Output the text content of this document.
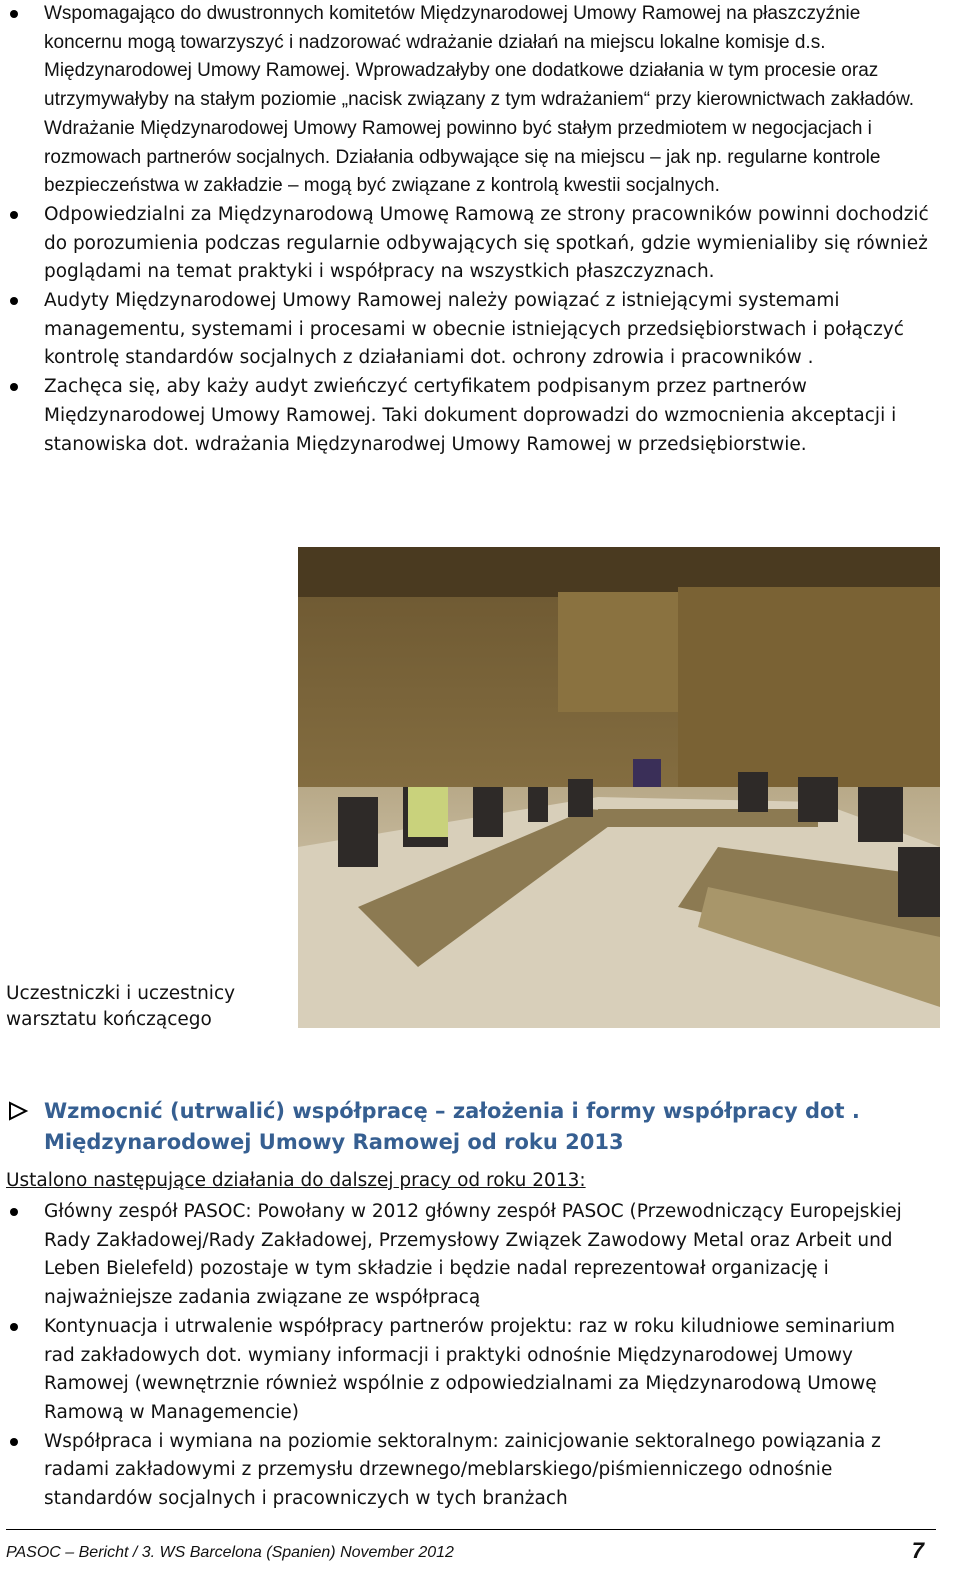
Wspomagająco do dwustronnych komitetów Międzynarodowej Umowy Ramowej na płaszczyźnie koncernu mogą towarzyszyć i nadzorować wdrażanie działań na miejscu lokalne komisje d.s. Międzynarodowej Umowy Ramowej. Wprowadzałyby one dodatkowe działania w tym procesie oraz utrzymywałyby na stałym poziomie „nacisk związany z tym wdrażaniem“ przy kierownictwach zakładów. Wdrażanie Międzynarodowej Umowy Ramowej powinno być stałym przedmiotem w negocjacjach i rozmowach partnerów socjalnych. Działania odbywające się na miejscu – jak np. regularne kontrole bezpieczeństwa w zakładzie – mogą być związane z kontrolą kwestii socjalnych.
Odpowiedzialni za Międzynarodową Umowę Ramową ze strony pracowników powinni dochodzić do porozumienia podczas regularnie odbywających się spotkań, gdzie wymienialiby się również poglądami na temat praktyki i współpracy na wszystkich płaszczyznach.
Audyty Międzynarodowej Umowy Ramowej należy powiązać z istniejącymi systemami managementu, systemami i procesami w obecnie istniejących przedsiębiorstwach i połączyć kontrolę standardów socjalnych z działaniami dot. ochrony zdrowia i pracowników .
Zachęca się, aby każy audyt zwieńczyć certyfikatem podpisanym przez partnerów Międzynarodowej Umowy Ramowej. Taki dokument doprowadzi do wzmocnienia akceptacji i stanowiska dot. wdrażania Międzynarodwej Umowy Ramowej w przedsiębiorstwie.
Uczestniczki i uczestnicy warsztatu kończącego
Wzmocnić (utrwalić) współpracę – założenia i formy współpracy dot . Międzynarodowej Umowy Ramowej od roku 2013
Ustalono następujące działania do dalszej pracy od roku 2013:
Główny zespół PASOC: Powołany w 2012 główny zespół PASOC (Przewodniczący Europejskiej Rady Zakładowej/Rady Zakładowej, Przemysłowy Związek Zawodowy Metal oraz Arbeit und Leben Bielefeld) pozostaje w tym składzie i będzie nadal reprezentował organizację i najważniejsze zadania związane ze współpracą
Kontynuacja i utrwalenie współpracy partnerów projektu: raz w roku kiludniowe seminarium rad zakładowych dot. wymiany informacji i praktyki odnośnie Międzynarodowej Umowy Ramowej (wewnętrznie również wspólnie z odpowiedzialnami za Międzynarodową Umowę Ramową w Managemencie)
Współpraca i wymiana na poziomie sektoralnym: zainicjowanie sektoralnego powiązania z radami zakładowymi z przemysłu drzewnego/meblarskiego/piśmienniczego odnośnie standardów socjalnych i pracowniczych w tych branżach
PASOC – Bericht / 3. WS Barcelona (Spanien) November 2012	7
